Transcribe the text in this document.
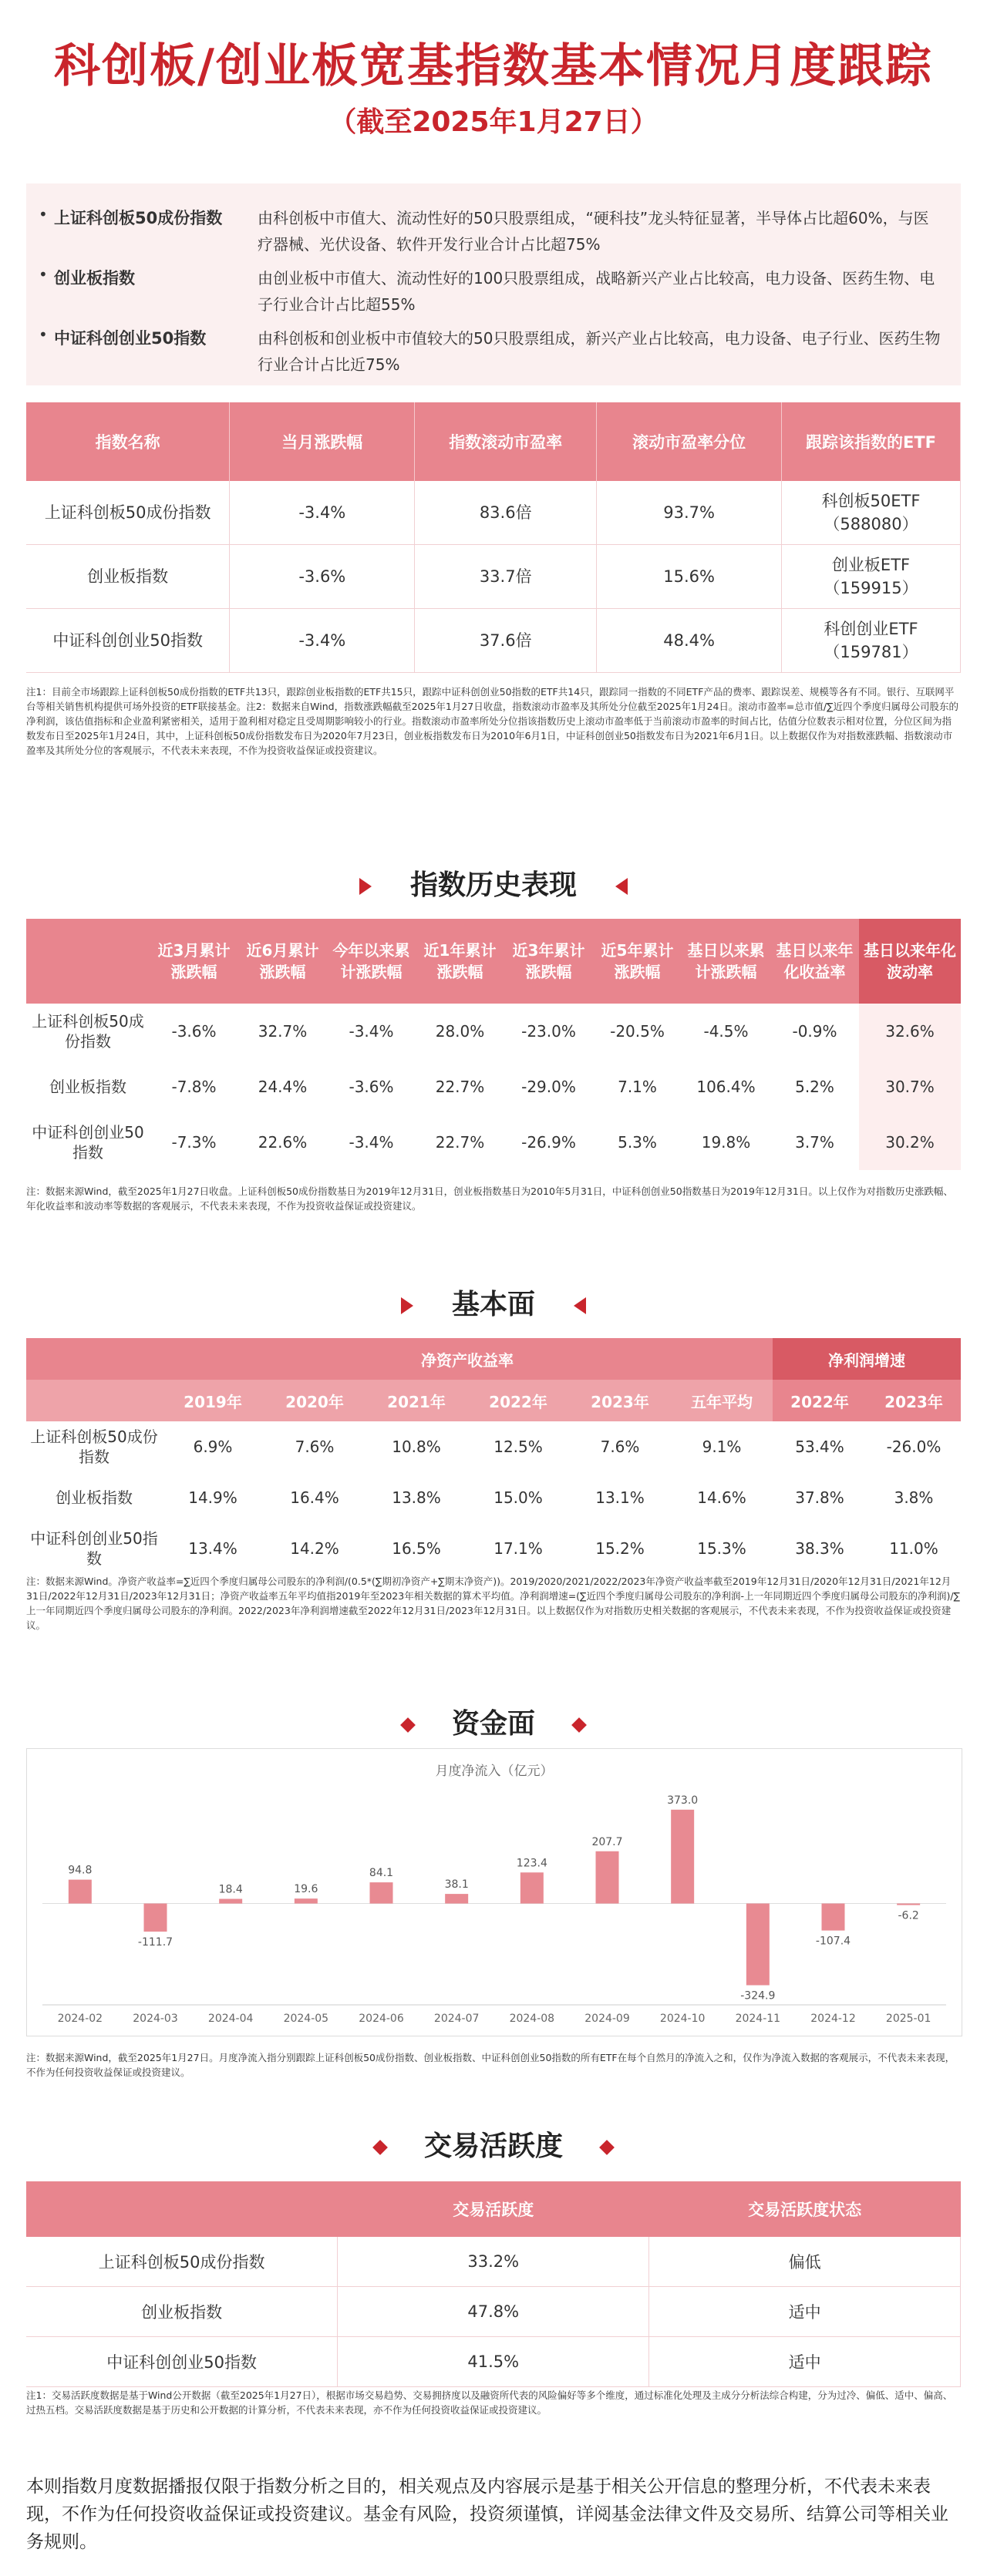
科创板/创业板宽基指数基本情况月度跟踪
（截至2025年1月27日）
• 上证科创板50成份指数	由科创板中市值大、流动性好的50只股票组成，“硬科技”龙头特征显著，半导体占比超60%，与医疗器械、光伏设备、软件开发行业合计占比超75%
• 创业板指数	由创业板中市值大、流动性好的100只股票组成，战略新兴产业占比较高，电力设备、医药生物、电子行业合计占比超55%
• 中证科创创业50指数	由科创板和创业板中市值较大的50只股票组成，新兴产业占比较高，电力设备、电子行业、医药生物行业合计占比近75%
指数名称	当月涨跌幅	指数滚动市盈率	滚动市盈率分位	跟踪该指数的ETF
上证科创板50成份指数	-3.4%	83.6倍	93.7%	科创板50ETF
（588080）

创业板指数	-3.6%	33.7倍	15.6%	创业板ETF
（159915）

中证科创创业50指数	-3.4%	37.6倍	48.4%	科创创业ETF
（159781）
注1：目前全市场跟踪上证科创板50成份指数的ETF共13只，跟踪创业板指数的ETF共15只，跟踪中证科创创业50指数的ETF共14只，跟踪同一指数的不同ETF产品的费率、跟踪误差、规模等各有不同。银行、互联网平台等相关销售机构提供可场外投资的ETF联接基金。注2：数据来自Wind，指数涨跌幅截至2025年1月27日收盘，指数滚动市盈率及其所处分位截至2025年1月24日。滚动市盈率=总市值/∑近四个季度归属母公司股东的净利润，该估值指标和企业盈利紧密相关，适用于盈利相对稳定且受周期影响较小的行业。指数滚动市盈率所处分位指该指数历史上滚动市盈率低于当前滚动市盈率的时间占比，估值分位数表示相对位置，分位区间为指数发布日至2025年1月24日，其中，上证科创板50成份指数发布日为2020年7月23日，创业板指数发布日为2010年6月1日，中证科创创业50指数发布日为2021年6月1日。以上数据仅作为对指数涨跌幅、指数滚动市盈率及其所处分位的客观展示，不代表未来表现，不作为投资收益保证或投资建议。
指数历史表现
	近3月累计涨跌幅	近6月累计涨跌幅	今年以来累计涨跌幅	近1年累计涨跌幅	近3年累计涨跌幅	近5年累计涨跌幅	基日以来累计涨跌幅	基日以来年化收益率	基日以来年化波动率
上证科创板50成份指数	-3.6%	32.7%	-3.4%	28.0%	-23.0%	-20.5%	-4.5%	-0.9%	32.6%
创业板指数	-7.8%	24.4%	-3.6%	22.7%	-29.0%	7.1%	106.4%	5.2%	30.7%
中证科创创业50指数	-7.3%	22.6%	-3.4%	22.7%	-26.9%	5.3%	19.8%	3.7%	30.2%
注：数据来源Wind，截至2025年1月27日收盘。上证科创板50成份指数基日为2019年12月31日，创业板指数基日为2010年5月31日，中证科创创业50指数基日为2019年12月31日。以上仅作为对指数历史涨跌幅、年化收益率和波动率等数据的客观展示，不代表未来表现，不作为投资收益保证或投资建议。
基本面
	净资产收益率						净利润增速	
	2019年	2020年	2021年	2022年	2023年	五年平均	2022年	2023年
上证科创板50成份指数	6.9%	7.6%	10.8%	12.5%	7.6%	9.1%	53.4%	-26.0%
创业板指数	14.9%	16.4%	13.8%	15.0%	13.1%	14.6%	37.8%	3.8%
中证科创创业50指数	13.4%	14.2%	16.5%	17.1%	15.2%	15.3%	38.3%	11.0%
注：数据来源Wind。净资产收益率=∑近四个季度归属母公司股东的净利润/(0.5*(∑期初净资产+∑期末净资产))。2019/2020/2021/2022/2023年净资产收益率截至2019年12月31日/2020年12月31日/2021年12月31日/2022年12月31日/2023年12月31日；净资产收益率五年平均值指2019年至2023年相关数据的算术平均值。净利润增速=(∑近四个季度归属母公司股东的净利润-上一年同期近四个季度归属母公司股东的净利润)/∑上一年同期近四个季度归属母公司股东的净利润。2022/2023年净利润增速截至2022年12月31日/2023年12月31日。以上数据仅作为对指数历史相关数据的客观展示，不代表未来表现，不作为投资收益保证或投资建议。
资金面
月度净流入（亿元）
94.8
2024-02
-111.7
2024-03
18.4
2024-04
19.6
2024-05
84.1
2024-06
38.1
2024-07
123.4
2024-08
207.7
2024-09
373.0
2024-10
-324.9
2024-11
-107.4
2024-12
-6.2
2025-01
注：数据来源Wind，截至2025年1月27日。月度净流入指分别跟踪上证科创板50成份指数、创业板指数、中证科创创业50指数的所有ETF在每个自然月的净流入之和，仅作为净流入数据的客观展示，不代表未来表现，不作为任何投资收益保证或投资建议。
交易活跃度
	交易活跃度	交易活跃度状态
上证科创板50成份指数	33.2%	偏低
创业板指数	47.8%	适中
中证科创创业50指数	41.5%	适中
注1：交易活跃度数据是基于Wind公开数据（截至2025年1月27日），根据市场交易趋势、交易拥挤度以及融资所代表的风险偏好等多个维度，通过标准化处理及主成分分析法综合构建，分为过冷、偏低、适中、偏高、过热五档。交易活跃度数据是基于历史和公开数据的计算分析，不代表未来表现，亦不作为任何投资收益保证或投资建议。
本则指数月度数据播报仅限于指数分析之目的，相关观点及内容展示是基于相关公开信息的整理分析，不代表未来表现，不作为任何投资收益保证或投资建议。基金有风险，投资须谨慎，详阅基金法律文件及交易所、结算公司等相关业务规则。
